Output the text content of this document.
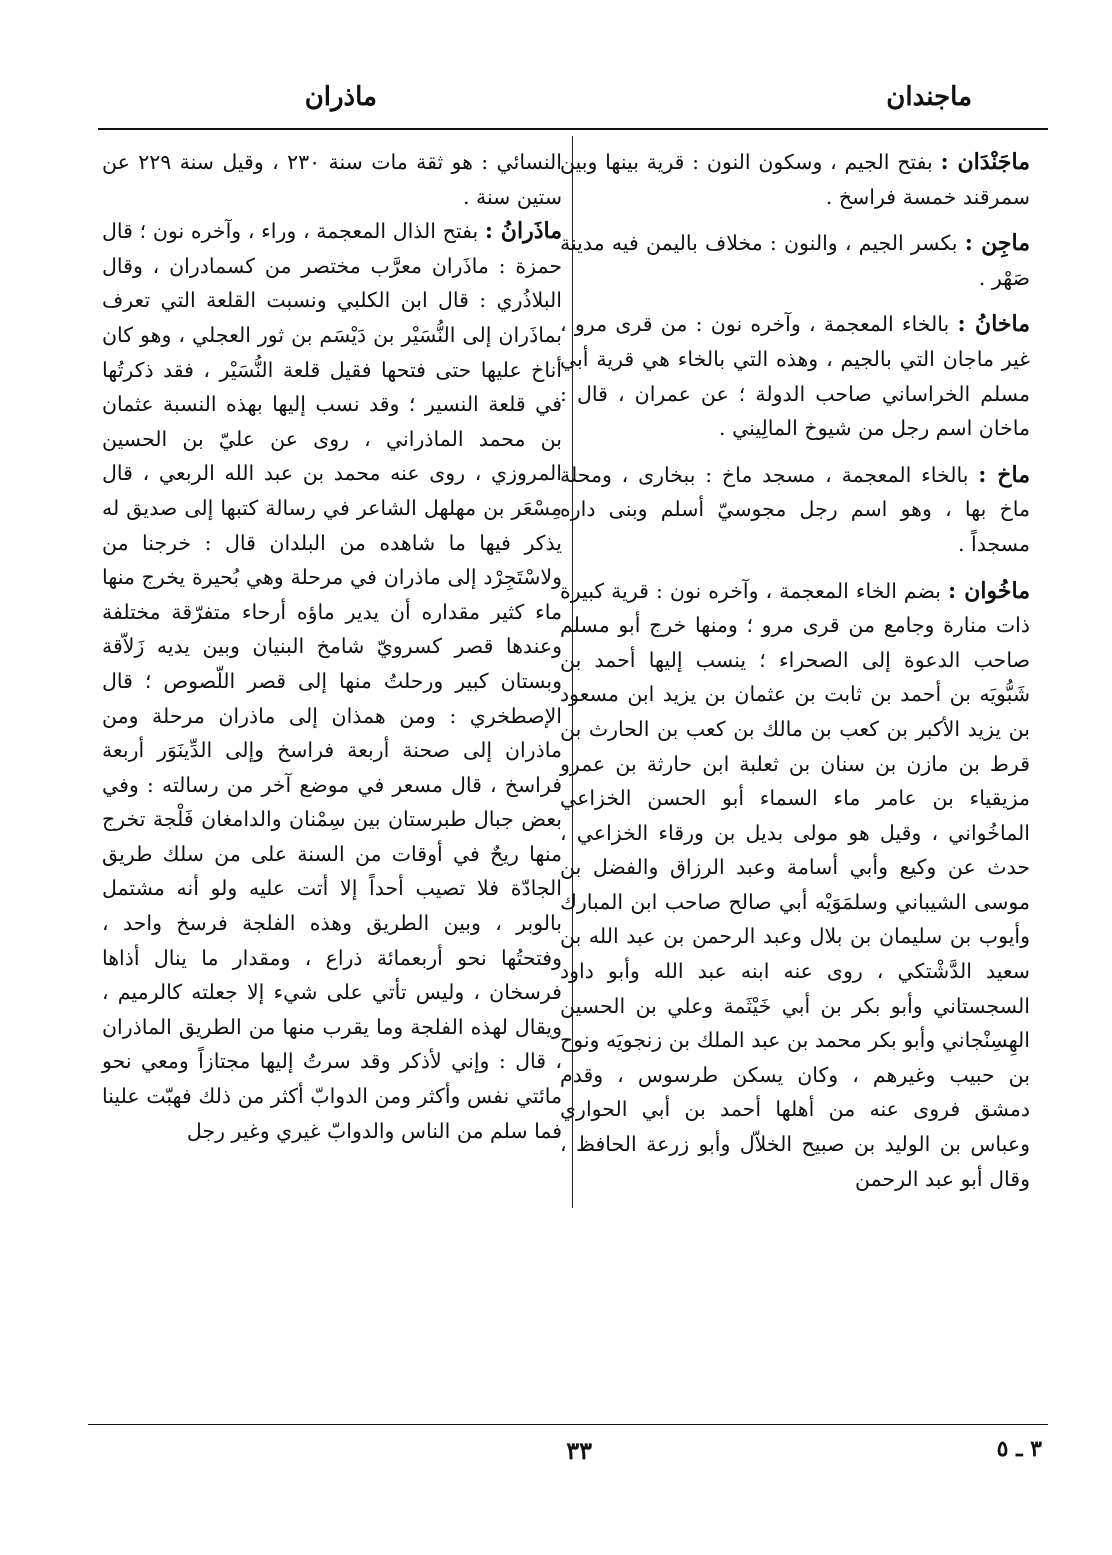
ماجندان
ماذران
ماجَنْدَان : بفتح الجيم ، وسكون النون : قرية بينها وبين سمرقند خمسة فراسخ .
ماجِن : بكسر الجيم ، والنون : مخلاف باليمن فيه مدينة صَهْر .
ماخانُ : بالخاء المعجمة ، وآخره نون : من قرى مرو ، غير ماجان التي بالجيم ، وهذه التي بالخاء هي قرية أبي مسلم الخراساني صاحب الدولة ؛ عن عمران ، قال : ماخان اسم رجل من شيوخ المالِيني .
ماخ : بالخاء المعجمة ، مسجد ماخ : ببخارى ، ومحلة ماخ بها ، وهو اسم رجل مجوسيّ أسلم وبنى داره مسجداً .
ماخُوان : بضم الخاء المعجمة ، وآخره نون : قرية كبيرة ذات منارة وجامع من قرى مرو ؛ ومنها خرج أبو مسلم صاحب الدعوة إلى الصحراء ؛ ينسب إليها أحمد بن شَبُّويَه بن أحمد بن ثابت بن عثمان بن يزيد ابن مسعود بن يزيد الأكبر بن كعب بن مالك بن كعب بن الحارث بن قرط بن مازن بن سنان بن ثعلبة ابن حارثة بن عمرو مزيقياء بن عامر ماء السماء أبو الحسن الخزاعي الماخُواني ، وقيل هو مولى بديل بن ورقاء الخزاعي ، حدث عن وكيع وأبي أسامة وعبد الرزاق والفضل بن موسى الشيباني وسلمَوَيْه أبي صالح صاحب ابن المبارك وأيوب بن سليمان بن بلال وعبد الرحمن بن عبد الله بن سعيد الدَّشْتكي ، روى عنه ابنه عبد الله وأبو داود السجستاني وأبو بكر بن أبي خَيْثَمة وعلي بن الحسين الهِسِنْجاني وأبو بكر محمد بن عبد الملك بن زنجويَه ونوح بن حبيب وغيرهم ، وكان يسكن طرسوس ، وقدم دمشق فروى عنه من أهلها أحمد بن أبي الحواري وعباس بن الوليد بن صبيح الخلاّل وأبو زرعة الحافظ ، وقال أبو عبد الرحمن

النسائي : هو ثقة مات سنة ٢٣٠ ، وقيل سنة ٢٢٩ عن ستين سنة .

ماذَرانُ : بفتح الذال المعجمة ، وراء ، وآخره نون ؛ قال حمزة : ماذَران معرَّب مختصر من كسمادران ، وقال البلاذُري : قال ابن الكلبي ونسبت القلعة التي تعرف بماذَران إلى النُّسَيْر بن دَيْسَم بن ثور العجلي ، وهو كان أناخ عليها حتى فتحها فقيل قلعة النُّسَيْر ، فقد ذكرتُها في قلعة النسير ؛ وقد نسب إليها بهذه النسبة عثمان بن محمد الماذراني ، روى عن عليّ بن الحسين المروزي ، روى عنه محمد بن عبد الله الربعي ، قال مِسْعَر بن مهلهل الشاعر في رسالة كتبها إلى صديق له يذكر فيها ما شاهده من البلدان قال : خرجنا من ولاسْتَجِرْد إلى ماذران في مرحلة وهي بُحيرة يخرج منها ماء كثير مقداره أن يدير ماؤه أرحاء متفرّقة مختلفة وعندها قصر كسرويّ شامخ البنيان وبين يديه زَلاّقة وبستان كبير ورحلتُ منها إلى قصر اللّصوص ؛ قال الإصطخري : ومن همذان إلى ماذران مرحلة ومن ماذران إلى صحنة أربعة فراسخ وإلى الدِّينَوَر أربعة فراسخ ، قال مسعر في موضع آخر من رسالته : وفي بعض جبال طبرستان بين سِمْنان والدامغان فَلْجة تخرج منها ريحٌ في أوقات من السنة على من سلك طريق الجادّة فلا تصيب أحداً إلا أتت عليه ولو أنه مشتمل بالوبر ، وبين الطريق وهذه الفلجة فرسخ واحد ، وفتحتُها نحو أربعمائة ذراع ، ومقدار ما ينال أذاها فرسخان ، وليس تأتي على شيء إلا جعلته كالرميم ، ويقال لهذه الفلجة وما يقرب منها من الطريق الماذران ، قال : وإني لأذكر وقد سرتُ إليها مجتازاً ومعي نحو مائتي نفس وأكثر ومن الدوابّ أكثر من ذلك فهبّت علينا فما سلم من الناس والدوابّ غيري وغير رجل
٣٣	٣ ـ ٥
